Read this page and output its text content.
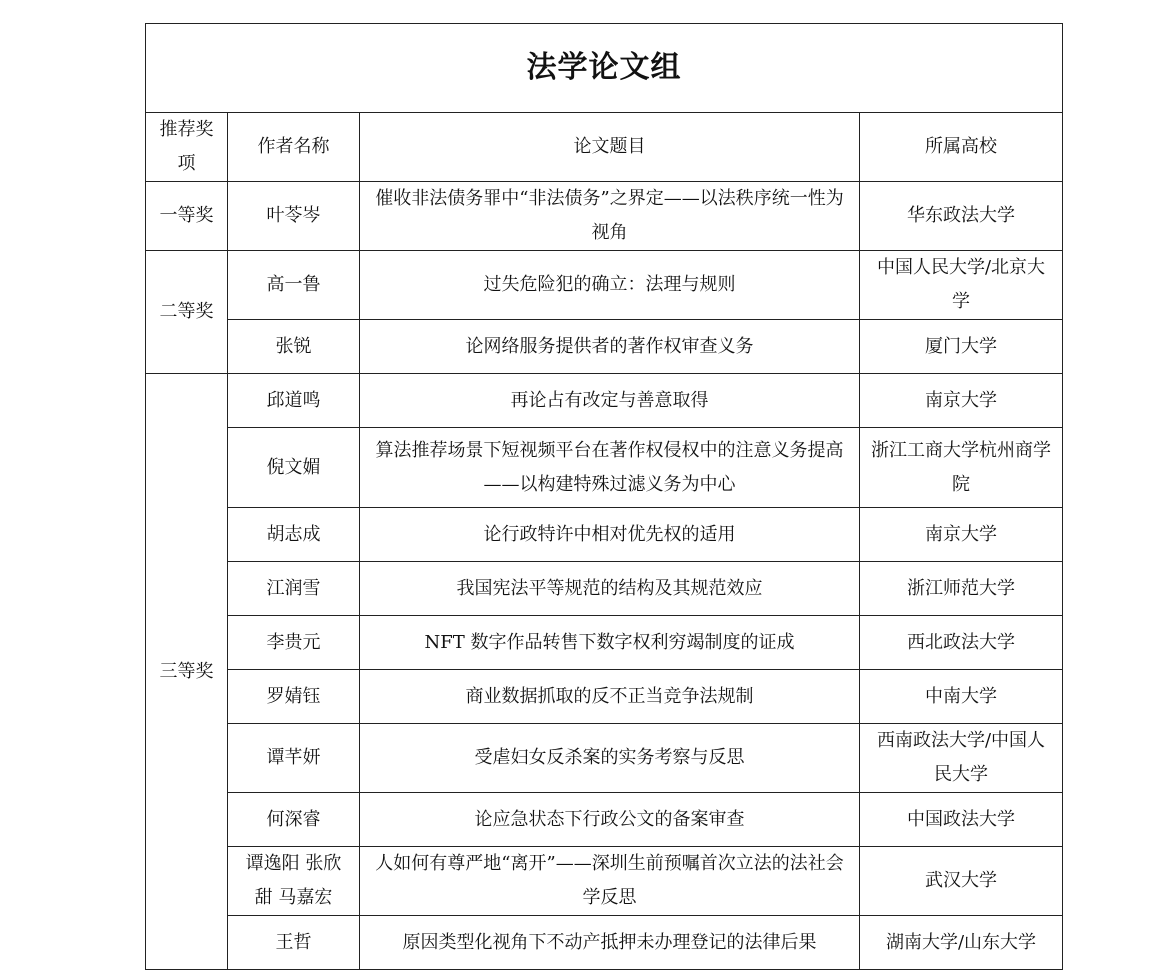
法学论文组			
推荐奖项	作者名称	论文题目	所属高校
一等奖	叶苓岑	催收非法债务罪中“非法债务”之界定——以法秩序统一性为视角	华东政法大学
二等奖	高一鲁	过失危险犯的确立：法理与规则	中国人民大学/北京大学
	张锐	论网络服务提供者的著作权审查义务	厦门大学
三等奖	邱道鸣	再论占有改定与善意取得	南京大学
	倪文媚	算法推荐场景下短视频平台在著作权侵权中的注意义务提高——以构建特殊过滤义务为中心	浙江工商大学杭州商学院
	胡志成	论行政特许中相对优先权的适用	南京大学
	江润雪	我国宪法平等规范的结构及其规范效应	浙江师范大学
	李贵元	NFT 数字作品转售下数字权利穷竭制度的证成	西北政法大学
	罗婧钰	商业数据抓取的反不正当竞争法规制	中南大学
	谭芊妍	受虐妇女反杀案的实务考察与反思	西南政法大学/中国人民大学
	何深睿	论应急状态下行政公文的备案审查	中国政法大学
	谭逸阳 张欣甜 马嘉宏	人如何有尊严地“离开”——深圳生前预嘱首次立法的法社会学反思	武汉大学
	王哲	原因类型化视角下不动产抵押未办理登记的法律后果	湖南大学/山东大学
